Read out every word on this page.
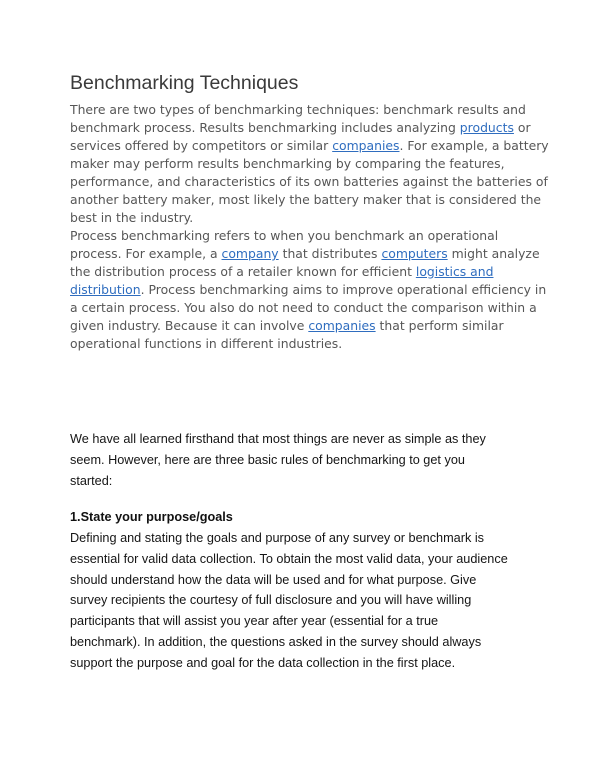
Benchmarking Techniques

There are two types of benchmarking techniques: benchmark results and
benchmark process. Results benchmarking includes analyzing products or
services offered by competitors or similar companies. For example, a battery
maker may perform results benchmarking by comparing the features,
performance, and characteristics of its own batteries against the batteries of
another battery maker, most likely the battery maker that is considered the
best in the industry.
Process benchmarking refers to when you benchmark an operational
process. For example, a company that distributes computers might analyze
the distribution process of a retailer known for efficient logistics and
distribution. Process benchmarking aims to improve operational efficiency in
a certain process. You also do not need to conduct the comparison within a
given industry. Because it can involve companies that perform similar
operational functions in different industries.

We have all learned firsthand that most things are never as simple as they
seem. However, here are three basic rules of benchmarking to get you
started:

1.State your purpose/goals

Defining and stating the goals and purpose of any survey or benchmark is
essential for valid data collection. To obtain the most valid data, your audience
should understand how the data will be used and for what purpose. Give
survey recipients the courtesy of full disclosure and you will have willing
participants that will assist you year after year (essential for a true
benchmark). In addition, the questions asked in the survey should always
support the purpose and goal for the data collection in the first place.
